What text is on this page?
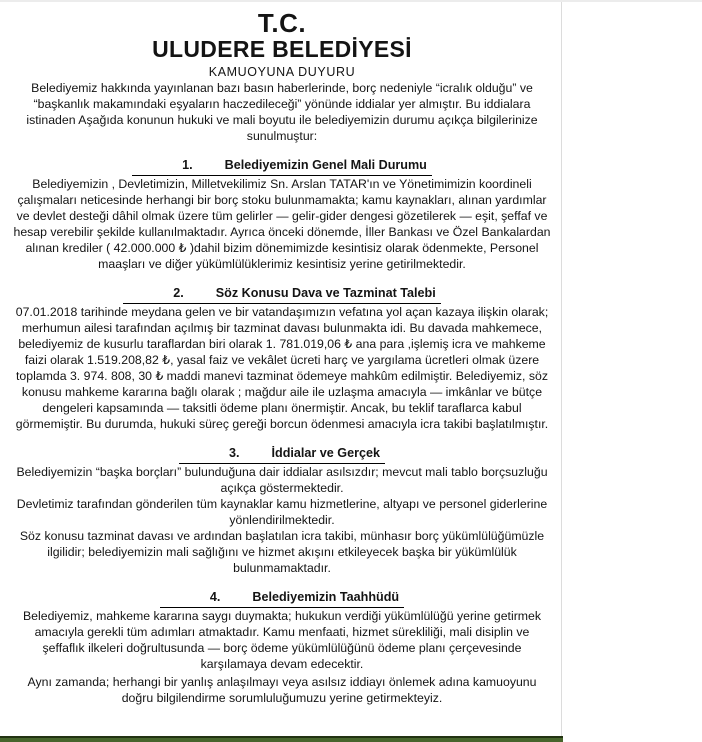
T.C.
ULUDERE BELEDİYESİ
KAMUOYUNA DUYURU

Belediyemiz hakkında yayınlanan bazı basın haberlerinde, borç nedeniyle “icralık olduğu” ve “başkanlık makamındaki eşyaların haczedileceği” yönünde iddialar yer almıştır. Bu iddialara istinaden Aşağıda konunun hukuki ve mali boyutu ile belediyemizin durumu açıkça bilgilerinize sunulmuştur:

1.	Belediyemizin Genel Mali Durumu

Belediyemizin , Devletimizin, Milletvekilimiz Sn. Arslan TATAR'ın ve Yönetimimizin koordineli çalışmaları neticesinde herhangi bir borç stoku bulunmamakta; kamu kaynakları, alınan yardımlar ve devlet desteği dâhil olmak üzere tüm gelirler — gelir-gider dengesi gözetilerek — eşit, şeffaf ve hesap verebilir şekilde kullanılmaktadır. Ayrıca önceki dönemde, İller Bankası ve Özel Bankalardan alınan krediler ( 42.000.000 ₺ )dahil bizim dönemimizde kesintisiz olarak ödenmekte, Personel maaşları ve diğer yükümlülüklerimiz kesintisiz yerine getirilmektedir.

2.	Söz Konusu Dava ve Tazminat Talebi

07.01.2018 tarihinde meydana gelen ve bir vatandaşımızın vefatına yol açan kazaya ilişkin olarak; merhumun ailesi tarafından açılmış bir tazminat davası bulunmakta idi. Bu davada mahkemece, belediyemiz de kusurlu taraflardan biri olarak 1. 781.019,06 ₺ ana para ,işlemiş icra ve mahkeme faizi olarak 1.519.208,82 ₺, yasal faiz ve vekâlet ücreti harç ve yargılama ücretleri olmak üzere toplamda 3. 974. 808, 30 ₺ maddi manevi tazminat ödemeye mahkûm edilmiştir. Belediyemiz, söz konusu mahkeme kararına bağlı olarak ; mağdur aile ile uzlaşma amacıyla — imkânlar ve bütçe dengeleri kapsamında — taksitli ödeme planı önermiştir. Ancak, bu teklif taraflarca kabul görmemiştir. Bu durumda, hukuki süreç gereği borcun ödenmesi amacıyla icra takibi başlatılmıştır.

3.	İddialar ve Gerçek

• Belediyemizin “başka borçları” bulunduğuna dair iddialar asılsızdır; mevcut mali tablo borçsuzluğu açıkça göstermektedir.

• Devletimiz tarafından gönderilen tüm kaynaklar kamu hizmetlerine, altyapı ve personel giderlerine yönlendirilmektedir.

• Söz konusu tazminat davası ve ardından başlatılan icra takibi, münhasır borç yükümlülüğümüzle ilgilidir; belediyemizin mali sağlığını ve hizmet akışını etkileyecek başka bir yükümlülük bulunmamaktadır.

4.	Belediyemizin Taahhüdü

Belediyemiz, mahkeme kararına saygı duymakta; hukukun verdiği yükümlülüğü yerine getirmek amacıyla gerekli tüm adımları atmaktadır. Kamu menfaati, hizmet sürekliliği, mali disiplin ve şeffaflık ilkeleri doğrultusunda — borç ödeme yükümlülüğünü ödeme planı çerçevesinde karşılamaya devam edecektir.

Aynı zamanda; herhangi bir yanlış anlaşılmayı veya asılsız iddiayı önlemek adına kamuoyunu doğru bilgilendirme sorumluluğumuzu yerine getirmekteyiz.
